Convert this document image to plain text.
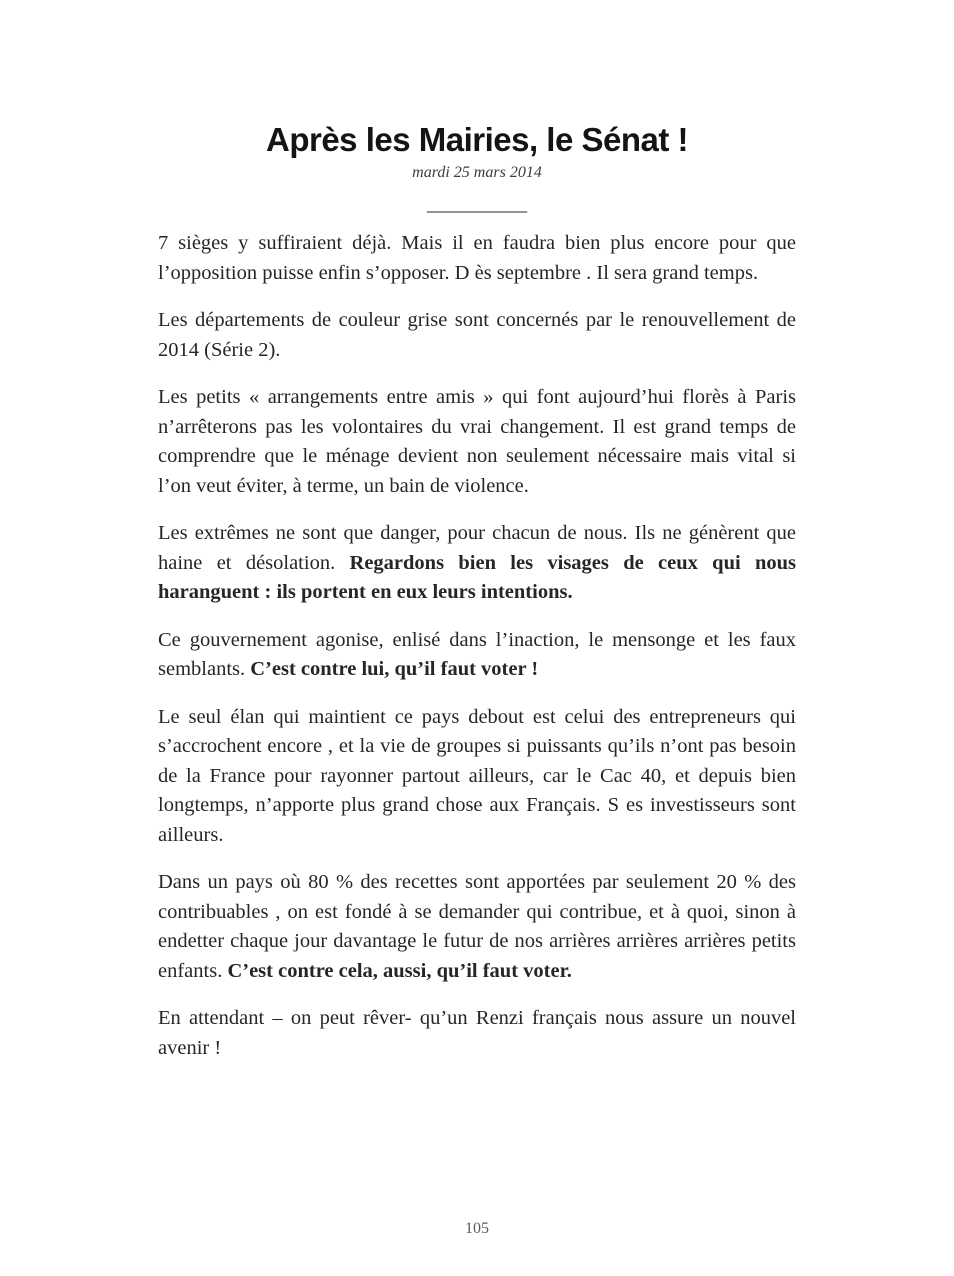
Après les Mairies, le Sénat !
mardi 25 mars 2014
__________

7 sièges y suffiraient déjà. Mais il en faudra bien plus encore pour que l’opposition puisse enfin s’opposer. D ès septembre . Il sera grand temps.

Les départements de couleur grise sont concernés par le renouvellement de 2014 (Série 2).

Les petits « arrangements entre amis » qui font aujourd’hui florès à Paris n’arrêterons pas les volontaires du vrai changement. Il est grand temps de comprendre que le ménage devient non seulement nécessaire mais vital si l’on veut éviter, à terme, un bain de violence.

Les extrêmes ne sont que danger, pour chacun de nous. Ils ne génèrent que haine et désolation. Regardons bien les visages de ceux qui nous haranguent : ils portent en eux leurs intentions.

Ce gouvernement agonise, enlisé dans l’inaction, le mensonge et les faux semblants. C’est contre lui, qu’il faut voter !

Le seul élan qui maintient ce pays debout est celui des entrepreneurs qui s’accrochent encore , et la vie de groupes si puissants qu’ils n’ont pas besoin de la France pour rayonner partout ailleurs, car le Cac 40, et depuis bien longtemps, n’apporte plus grand chose aux Français. S es investisseurs sont ailleurs.

Dans un pays où 80 % des recettes sont apportées par seulement 20 % des contribuables , on est fondé à se demander qui contribue, et à quoi, sinon à endetter chaque jour davantage le futur de nos arrières arrières arrières petits enfants. C’est contre cela, aussi, qu’il faut voter.

En attendant – on peut rêver- qu’un Renzi français nous assure un nouvel avenir !

105
